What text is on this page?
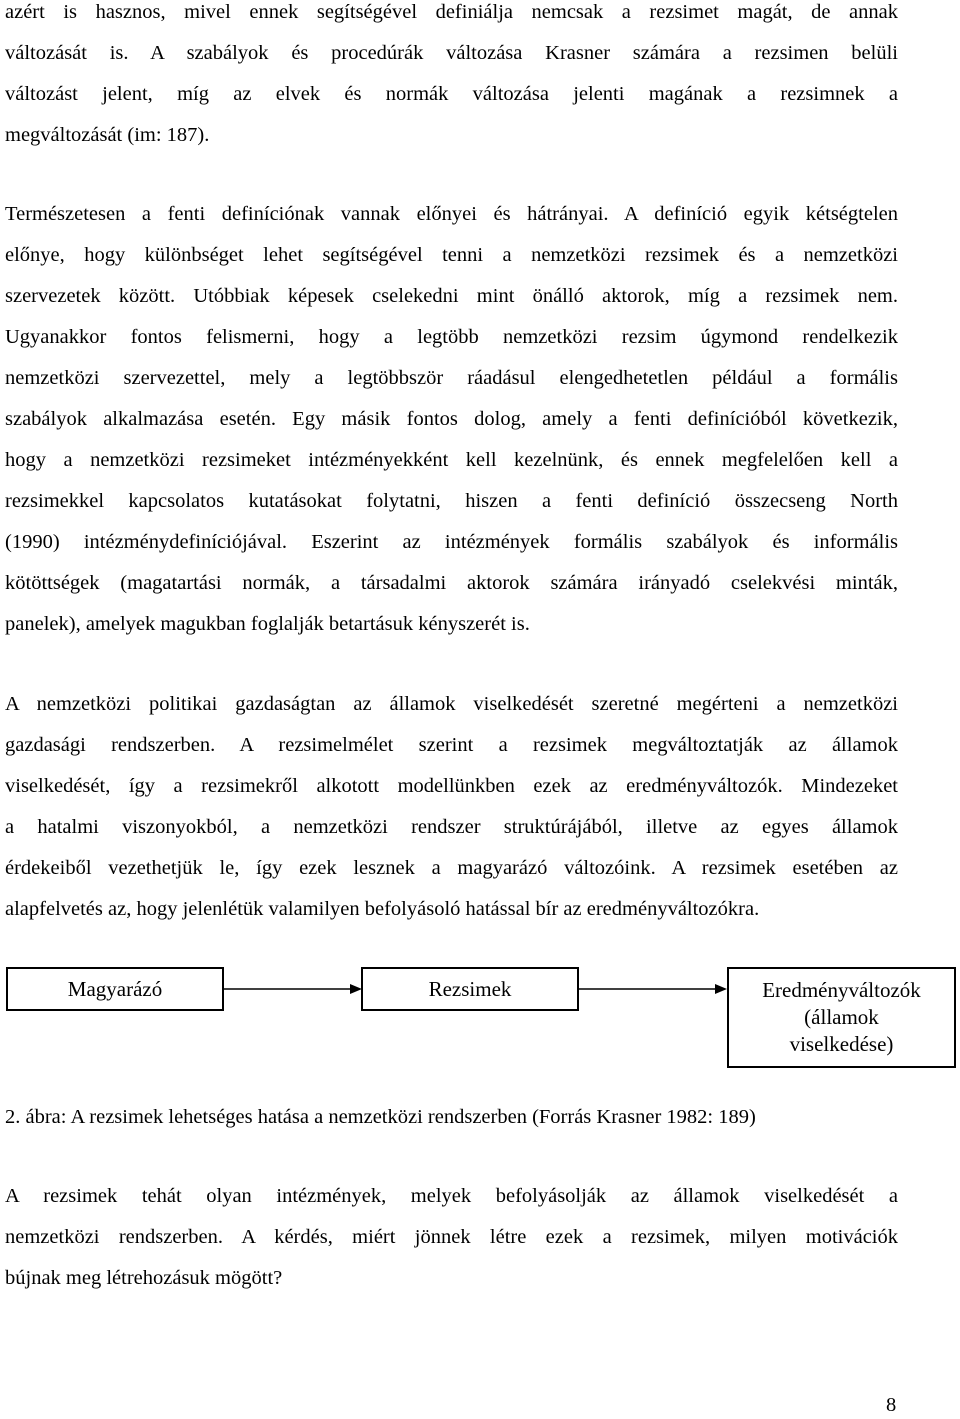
azért is hasznos, mivel ennek segítségével definiálja nemcsak a rezsimet magát, de annak
változását is. A szabályok és procedúrák változása Krasner számára a rezsimen belüli
változást jelent, míg az elvek és normák változása jelenti magának a rezsimnek a
megváltozását (im: 187).
Természetesen a fenti definíciónak vannak előnyei és hátrányai. A definíció egyik kétségtelen
előnye, hogy különbséget lehet segítségével tenni a nemzetközi rezsimek és a nemzetközi
szervezetek között. Utóbbiak képesek cselekedni mint önálló aktorok, míg a rezsimek nem.
Ugyanakkor fontos felismerni, hogy a legtöbb nemzetközi rezsim úgymond rendelkezik
nemzetközi szervezettel, mely a legtöbbször ráadásul elengedhetetlen például a formális
szabályok alkalmazása esetén. Egy másik fontos dolog, amely a fenti definícióból következik,
hogy a nemzetközi rezsimeket intézményekként kell kezelnünk, és ennek megfelelően kell a
rezsimekkel kapcsolatos kutatásokat folytatni, hiszen a fenti definíció összecseng North
(1990) intézménydefiníciójával. Eszerint az intézmények formális szabályok és informális
kötöttségek (magatartási normák, a társadalmi aktorok számára irányadó cselekvési minták,
panelek), amelyek magukban foglalják betartásuk kényszerét is.
A nemzetközi politikai gazdaságtan az államok viselkedését szeretné megérteni a nemzetközi
gazdasági rendszerben. A rezsimelmélet szerint a rezsimek megváltoztatják az államok
viselkedését, így a rezsimekről alkotott modellünkben ezek az eredményváltozók. Mindezeket
a hatalmi viszonyokból, a nemzetközi rendszer struktúrájából, illetve az egyes államok
érdekeiből vezethetjük le, így ezek lesznek a magyarázó változóink. A rezsimek esetében az
alapfelvetés az, hogy jelenlétük valamilyen befolyásoló hatással bír az eredményváltozókra.
Magyarázó	Rezsimek	Eredményváltozók
(államok
viselkedése)

2. ábra: A rezsimek lehetséges hatása a nemzetközi rendszerben (Forrás Krasner 1982: 189)

A rezsimek tehát olyan intézmények, melyek befolyásolják az államok viselkedését a
nemzetközi rendszerben. A kérdés, miért jönnek létre ezek a rezsimek, milyen motivációk
bújnak meg létrehozásuk mögött?
8
